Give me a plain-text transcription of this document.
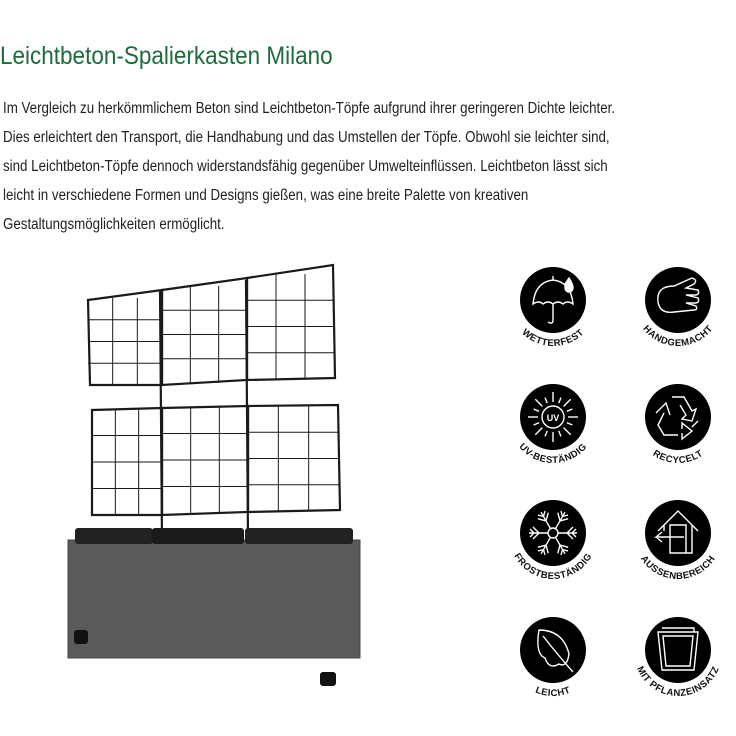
Leichtbeton-Spalierkasten Milano
Im Vergleich zu herkömmlichem Beton sind Leichtbeton-Töpfe aufgrund ihrer geringeren Dichte leichter.
Dies erleichtert den Transport, die Handhabung und das Umstellen der Töpfe. Obwohl sie leichter sind,
sind Leichtbeton-Töpfe dennoch widerstandsfähig gegenüber Umwelteinflüssen. Leichtbeton lässt sich
leicht in verschiedene Formen und Designs gießen, was eine breite Palette von kreativen
Gestaltungsmöglichkeiten ermöglicht.
WETTERFEST	HANDGEMACHT
UV
UV-BESTÄNDIG	RECYCELT
FROSTBESTÄNDIG	AUSSENBEREICH
LEICHT
MIT PFLANZEINSATZ
